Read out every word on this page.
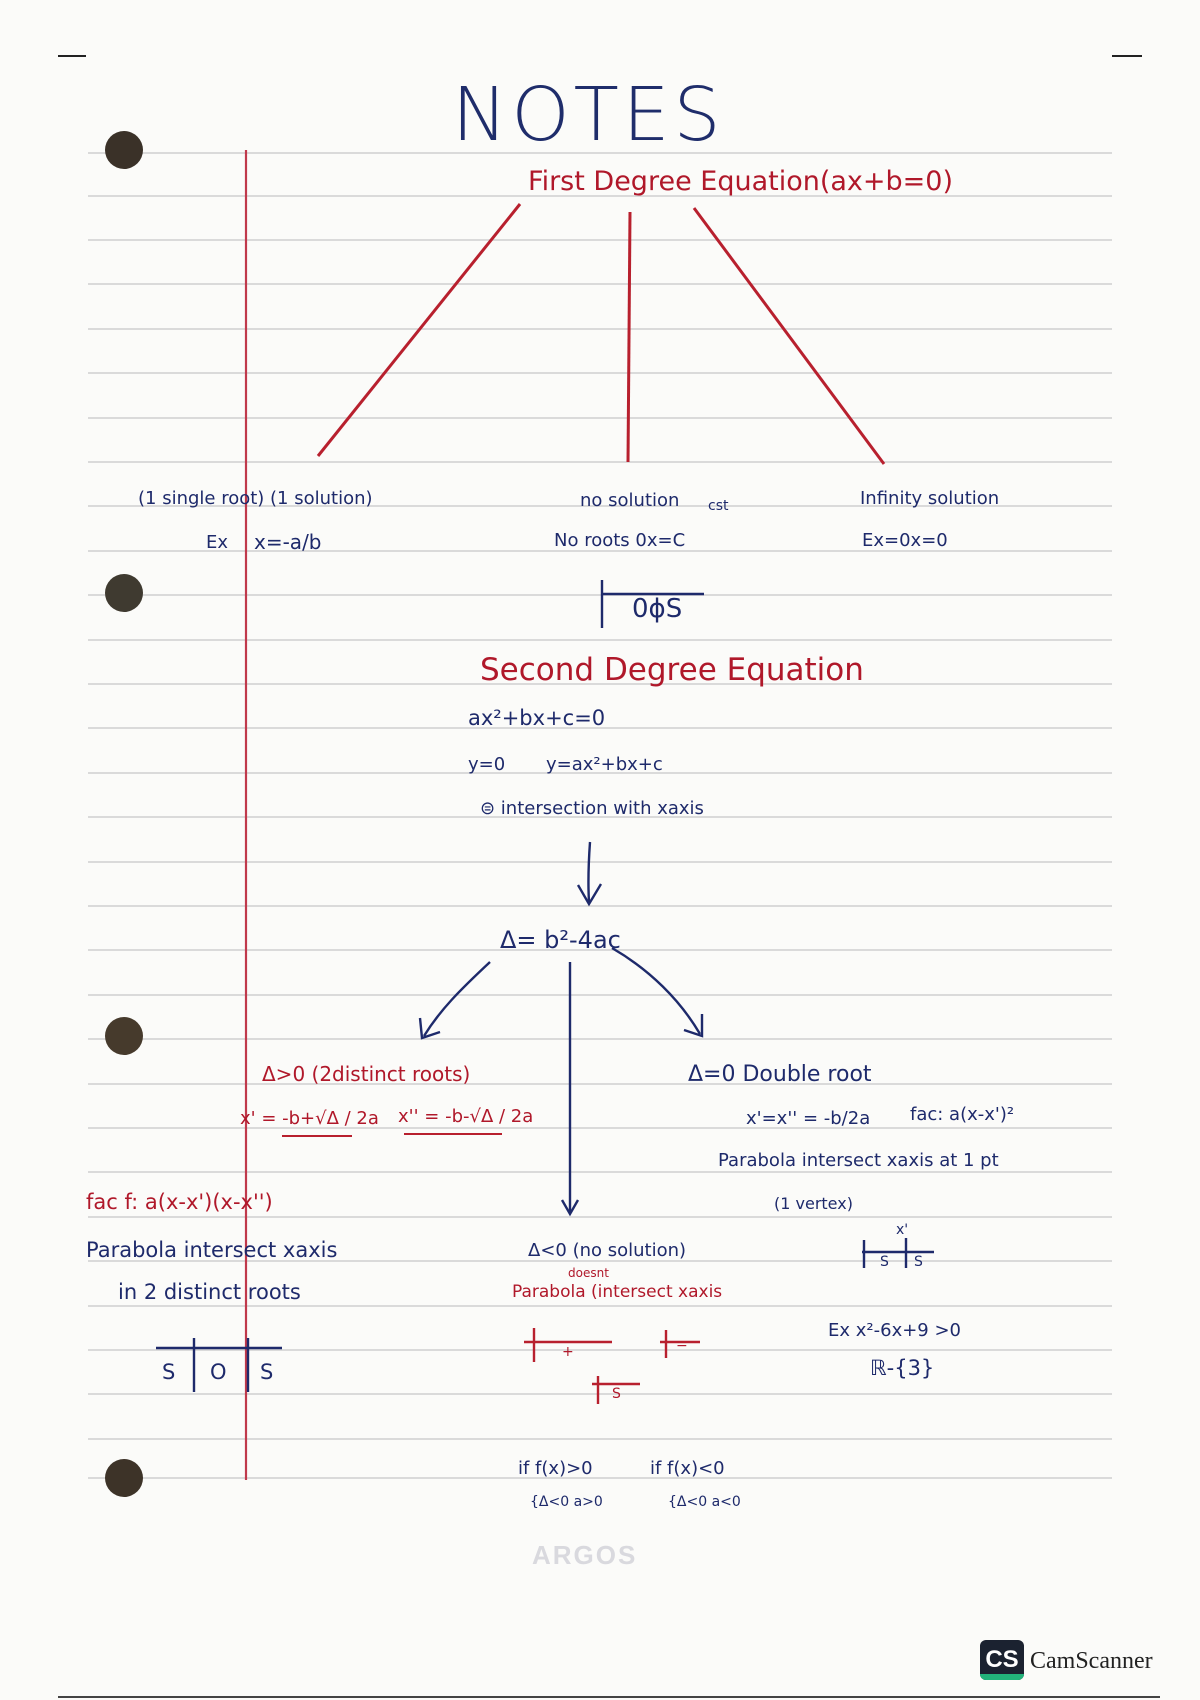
NOTES
First Degree Equation(ax+b=0)
(1 single root) (1 solution)
Ex x=-a/b
no solution cst
No roots 0x=C
0ϕS
Infinity solution
Ex=0x=0
Second Degree Equation
ax²+bx+c=0
y=0 y=ax²+bx+c
⊜ intersection with xaxis
Δ= b²-4ac
Δ>0 (2distinct roots)
x' = -b+√Δ / 2a x'' = -b-√Δ / 2a
fac f: a(x-x')(x-x'')
Parabola intersect xaxis
in 2 distinct roots
S O S
Δ=0 Double root
x'=x'' = -b/2a fac: a(x-x')²
Parabola intersect xaxis at 1 pt
(1 vertex)
x'
S S
Ex x²-6x+9 >0
ℝ-{3}
Δ<0 (no solution)
doesnt
Parabola (intersect xaxis
+	−
S
if f(x)>0	if f(x)<0
{Δ<0 a>0	{Δ<0 a<0
ARGOS
CS CamScanner
